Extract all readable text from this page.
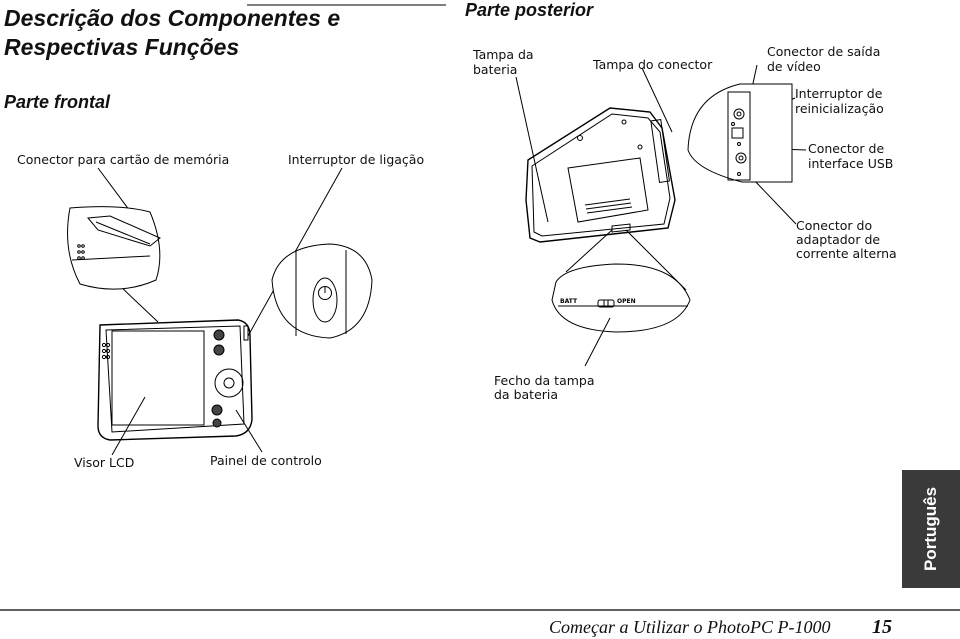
Descrição dos Componentes e
Respectivas Funções
Parte frontal
Parte posterior
Tampa da
bateria	Tampa do conector
Conector de saída
de vídeo
Interruptor de
reinicialização
Conector de
interface USB
Conector do
adaptador de
corrente alterna
Conector para cartão de memória	Interruptor de ligação
Fecho da tampa
da bateria
Visor LCD	Painel de controlo
BATT	OPEN
Português
Começar a Utilizar o PhotoPC P-1000 15
